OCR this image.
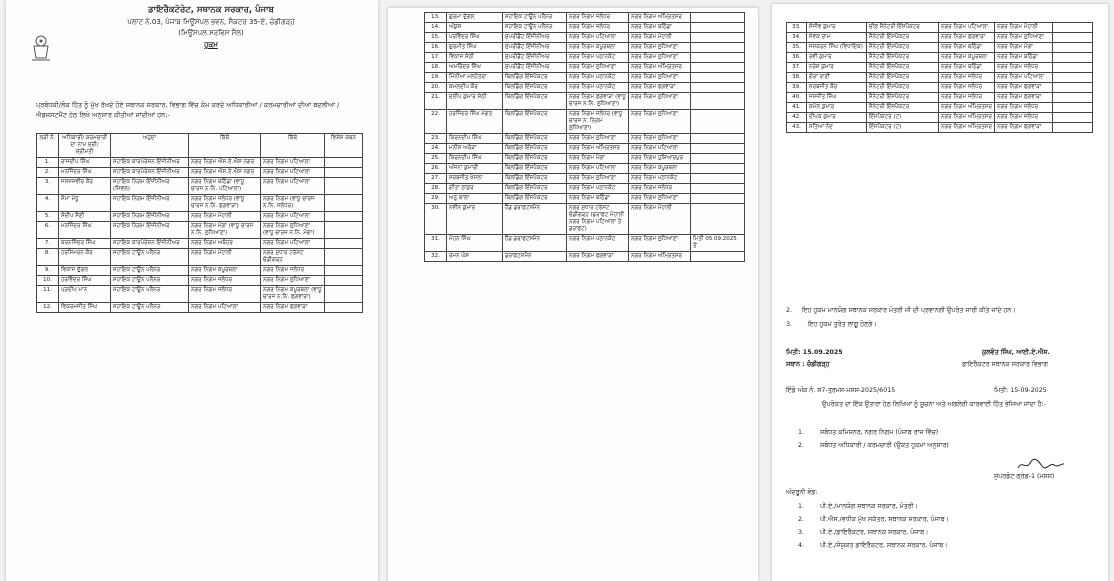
ਡਾਇਰੈਕਟੋਰੇਟ, ਸਥਾਨਕ ਸਰਕਾਰ, ਪੰਜਾਬ
ਪਲਾਟ ਨੰ.03, ਪੰਜਾਬ ਮਿਊਂਸਪਲ ਭਵਨ, ਸੈਕਟਰ 35-ਏ, ਚੰਡੀਗੜ੍ਹ
(ਮਿਊਂਸਪਲ ਸਰਵਿਸ ਸੈਲ)
ਹੁਕਮ
ਪ੍ਰਬੰਧਕੀ/ਲੋਕ ਹਿੱਤ ਨੂੰ ਮੁੱਖ ਰੱਖਦੇ ਹੋਏ ਸਥਾਨਕ ਸਰਕਾਰ, ਵਿਭਾਗ ਵਿੱਚ ਕੰਮ ਕਰਦੇ ਅਧਿਕਾਰੀਆਂ / ਕਰਮਚਾਰੀਆਂ ਦੀਆਂ ਬਦਲੀਆਂ / ਐਡਜਸਟਮੈਂਟ ਹੇਠ ਲਿਖੇ ਅਨੁਸਾਰ ਕੀਤੀਆਂ ਜਾਂਦੀਆਂ ਹਨ:-
ਲੜੀ ਨੰ.	ਅਧਿਕਾਰੀ/ ਕਰਮਚਾਰੀ ਦਾ ਨਾਮ ਸ਼੍ਰੀ/ ਸ਼੍ਰੀਮਤੀ	ਅਹੁਦਾ	ਕਿੱਥੋਂ	ਕਿੱਥੇ	ਵਿਸ਼ੇਸ਼ ਕਥਨ
1.	ਰਾਜਦੀਪ ਸਿੰਘ	ਸਹਾਇਕ ਕਾਰਪੋਰੇਸ਼ਨ ਇੰਜੀਨੀਅਰ	ਨਗਰ ਨਿਗਮ ਐਸ.ਏ.ਐਸ ਨਗਰ	ਨਗਰ ਨਿਗਮ ਪਟਿਆਲਾ	
2.	ਮਨਜਿੰਦਰ ਸਿੰਘ	ਸਹਾਇਕ ਕਾਰਪੋਰੇਸ਼ਨ ਇੰਜੀਨੀਅਰ	ਨਗਰ ਨਿਗਮ ਐਸ.ਏ.ਐਸ ਨਗਰ	ਨਗਰ ਨਿਗਮ ਪਟਿਆਲਾ	
3.	ਜਸਜਸਵੀਰ ਕੌਰ	ਸਹਾਇਕ ਨਿਗਮ ਇੰਜੀਨੀਅਰ (ਸਿਵਲ)	ਨਗਰ ਨਿਗਮ ਬਠਿੰਡਾ (ਵਾਧੂ ਚਾਰਜ ਨ.ਨਿ. ਪਟਿਆਲਾ)	ਨਗਰ ਨਿਗਮ ਪਟਿਆਲਾ	
4.	ਸੋਮਾ ਮੰਧੂ	ਸਹਾਇਕ ਨਿਗਮ ਇੰਜੀਨੀਅਰ	ਨਗਰ ਨਿਗਮ ਜਲੰਧਰ (ਵਾਧੂ ਚਾਰਜ ਨ.ਨਿ. ਫਗਵਾੜਾ)	ਨਗਰ ਨਿਗਮ (ਵਾਧੂ ਚਾਰਜ ਨ.ਨਿ. ਜਲੰਧਰ)	
5.	ਸੰਦੀਪ ਸੈਣੀ	ਸਹਾਇਕ ਨਿਗਮ ਇੰਜੀਨੀਅਰ	ਨਗਰ ਨਿਗਮ ਮੋਹਾਲੀ	ਨਗਰ ਨਿਗਮ ਪਟਿਆਲਾ	
6.	ਮਨਜਿੰਦਰ ਸਿੰਘ	ਸਹਾਇਕ ਨਿਗਮ ਇੰਜੀਨੀਅਰ	ਨਗਰ ਨਿਗਮ ਮੋਗਾ (ਵਾਧੂ ਚਾਰਜ ਨ.ਨਿ. ਲੁਧਿਆਣਾ)	ਨਗਰ ਨਿਗਮ ਲੁਧਿਆਣਾ (ਵਾਧੂ ਚਾਰਜ ਨ.ਨਿ. ਮੋਗਾ)	
7.	ਕਰਨਜਿੰਦਰ ਸਿੰਘ	ਸਹਾਇਕ ਕਾਰਪੋਰੇਸ਼ਨ ਇੰਜੀਨੀਅਰ	ਨਗਰ ਨਿਗਮ ਅਬੋਹਰ	ਨਗਰ ਨਿਗਮ ਪਟਿਆਲਾ	
8.	ਹਰਸਿਮਰਨ ਕੌਰ	ਸਹਾਇਕ ਟਾਊਨ ਪਲੈਨਰ	ਨਗਰ ਨਿਗਮ ਮੋਹਾਲੀ	ਨਗਰ ਸੁਧਾਰ ਟਰੱਸਟ ਚੰਡੀਗੜ੍ਹ	
9.	ਵਿਕਾਸ ਦੁੱਗਲ	ਸਹਾਇਕ ਟਾਊਨ ਪਲੈਨਰ	ਨਗਰ ਨਿਗਮ ਕਪੂਰਥਲਾ	ਨਗਰ ਨਿਗਮ ਜਲੰਧਰ	
10.	ਹਰਵਿੰਦਰ ਸਿੰਘ	ਸਹਾਇਕ ਟਾਊਨ ਪਲੈਨਰ	ਨਗਰ ਨਿਗਮ ਜਲੰਧਰ	ਨਗਰ ਨਿਗਮ ਲੁਧਿਆਣਾ	
11.	ਪ੍ਰਦੀਪ ਮਾਨ	ਸਹਾਇਕ ਟਾਊਨ ਪਲੈਨਰ	ਨਗਰ ਨਿਗਮ ਜਲੰਧਰ	ਨਗਰ ਨਿਗਮ ਕਪੂਰਥਲਾ (ਵਾਧੂ ਚਾਰਜ ਨ.ਨਿ. ਫਗਵਾੜਾ)	
12.	ਵਿਕਰਮਜੀਤ ਸਿੰਘ	ਸਹਾਇਕ ਟਾਊਨ ਪਲੈਨਰ	ਨਗਰ ਨਿਗਮ ਪਟਿਆਲਾ	ਨਗਰ ਨਿਗਮ ਫਗਵਾੜਾ	
13.	ਗੁਰਮਾ ਦੁੱਗਲ	ਸਹਾਇਕ ਟਾਊਨ ਪਲੈਨਰ	ਨਗਰ ਨਿਗਮ ਜਲੰਧਰ	ਨਗਰ ਨਿਗਮ ਅੰਮ੍ਰਿਤਸਰ	
14.	ਅੰਕੁਸ਼	ਸਹਾਇਕ ਟਾਊਨ ਪਲੈਨਰ	ਨਗਰ ਨਿਗਮ ਜਲੰਧਰ	ਨਗਰ ਨਿਗਮ ਬਠਿੰਡਾ	
15.	ਪਰਵਿੰਦਰ ਸਿੰਘ	ਸੁਪਰੀਡੈਂਟ ਇੰਜੀਨੀਅਰ	ਨਗਰ ਨਿਗਮ ਪਟਿਆਲਾ	ਨਗਰ ਨਿਗਮ ਮੋਹਾਲੀ	
16.	ਗੁਰਮੀਤ ਸਿੰਘ	ਸੁਪਰੀਡੈਂਟ ਇੰਜੀਨੀਅਰ	ਨਗਰ ਨਿਗਮ ਕਪੂਰਥਲਾ	ਨਗਰ ਨਿਗਮ ਲੁਧਿਆਣਾ	
17.	ਵਿਕਾਸ ਸੇਠੀ	ਸੁਪਰੀਡੈਂਟ ਇੰਜੀਨੀਅਰ	ਨਗਰ ਨਿਗਮ ਪਠਾਨਕੋਟ	ਨਗਰ ਨਿਗਮ ਲੁਧਿਆਣਾ	
18.	ਅਮਰਿੰਦਰ ਸਿੰਘ	ਸੁਪਰੀਡੈਂਟ ਇੰਜੀਨੀਅਰ	ਨਗਰ ਨਿਗਮ ਲੁਧਿਆਣਾ	ਨਗਰ ਨਿਗਮ ਅੰਮ੍ਰਿਤਸਰ	
19.	ਮਿੰਨੀਆ ਮਲਹੋਤਰਾ	ਬਿਲਡਿੰਗ ਇੰਸਪੈਕਟਰ	ਨਗਰ ਨਿਗਮ ਪਠਾਨਕੋਟ	ਨਗਰ ਨਿਗਮ ਲੁਧਿਆਣਾ	
20.	ਕਮਲਦੀਪ ਕੌਰ	ਬਿਲਡਿੰਗ ਇੰਸਪੈਕਟਰ	ਨਗਰ ਨਿਗਮ ਪਠਾਨਕੋਟ	ਨਗਰ ਨਿਗਮ ਫਗਵਾੜਾ	
21.	ਦਲੀਪ ਕੁਮਾਰ ਸੇਠੀ	ਬਿਲਡਿੰਗ ਇੰਸਪੈਕਟਰ	ਨਗਰ ਨਿਗਮ ਫਗਵਾੜਾ (ਵਾਧੂ ਚਾਰਜ ਨ.ਨਿ. ਲੁਧਿਆਣਾ)	ਨਗਰ ਨਿਗਮ ਲੁਧਿਆਣਾ	
22.	ਹਰਜਿੰਦਰ ਸਿੰਘ ਮੰਗਤ	ਬਿਲਡਿੰਗ ਇੰਸਪੈਕਟਰ	ਨਗਰ ਨਿਗਮ ਜਲੰਧਰ (ਵਾਧੂ ਚਾਰਜ ਨ. ਨਿਗਮ ਲੁਧਿਆਣਾ)	ਨਗਰ ਨਿਗਮ ਲੁਧਿਆਣਾ	
23.	ਕਿਰਨਦੀਪ ਸਿੰਘ	ਬਿਲਡਿੰਗ ਇੰਸਪੈਕਟਰ	ਨਗਰ ਨਿਗਮ ਲੁਧਿਆਣਾ	ਨਗਰ ਨਿਗਮ ਲੁਧਿਆਣਾ	
24.	ਮਨੀਸ਼ ਅਰੋੜਾ	ਬਿਲਡਿੰਗ ਇੰਸਪੈਕਟਰ	ਨਗਰ ਨਿਗਮ ਅੰਮ੍ਰਿਤਸਰ	ਨਗਰ ਨਿਗਮ ਪਟਿਆਲਾ	
25.	ਕਿਰਨਦੀਪ ਸਿੰਘ	ਬਿਲਡਿੰਗ ਇੰਸਪੈਕਟਰ	ਨਗਰ ਨਿਗਮ ਮੋਗਾ	ਨਗਰ ਨਿਗਮ ਹੁਸ਼ਿਆਰਪੁਰ	
26.	ਅੰਜਨਾ ਕੁਮਾਰੀ	ਬਿਲਡਿੰਗ ਇੰਸਪੈਕਟਰ	ਨਗਰ ਨਿਗਮ ਪਟਿਆਲਾ	ਨਗਰ ਨਿਗਮ ਕਪੂਰਥਲਾ	
27.	ਸਰਬਜੀਤ ਖੋਸਲਾ	ਬਿਲਡਿੰਗ ਇੰਸਪੈਕਟਰ	ਨਗਰ ਨਿਗਮ ਲੁਧਿਆਣਾ	ਨਗਰ ਨਿਗਮ ਪਠਾਨਕੋਟ	
28.	ਗੀਤਾ ਠਾਕੁਰ	ਬਿਲਡਿੰਗ ਇੰਸਪੈਕਟਰ	ਨਗਰ ਨਿਗਮ ਪਠਾਨਕੋਟ	ਨਗਰ ਨਿਗਮ ਜਲੰਧਰ	
29.	ਅਨੂ ਬਾਲਾ	ਬਿਲਡਿੰਗ ਇੰਸਪੈਕਟਰ	ਨਗਰ ਨਿਗਮ ਬਠਿੰਡਾ	ਨਗਰ ਨਿਗਮ ਲੁਧਿਆਣਾ	
30.	ਨਵੀਨ ਕੁਮਾਰ	ਹੈੱਡ ਡਰਾਫਟਸਮੈਨ	ਨਗਰ ਸੁਧਾਰ ਟਰੱਸਟ ਚੰਡੀਗੜ੍ਹ (ਡਰਾਫਟ ਮੋਹਾਲੀ ਨਗਰ ਨਿਗਮ ਪਟਿਆਲਾ ਤੇ ਡਰਾਫਟ)	ਨਗਰ ਨਿਗਮ ਮੋਹਾਲੀ	
31.	ਮੋਹਨ ਸਿੰਘ	ਹੈੱਡ ਡਰਾਫਟਸਮੈਨ	ਨਗਰ ਨਿਗਮ ਪਠਾਨਕੋਟ	ਨਗਰ ਨਿਗਮ ਲੁਧਿਆਣਾ	ਮਿਤੀ 05.09.2025 ਤੋਂ
32.	ਰਮਨ ਘੋਸ਼	ਡਰਾਫਟਸਮੈਨ	ਨਗਰ ਨਿਗਮ ਫਗਵਾੜਾ	ਨਗਰ ਨਿਗਮ ਅੰਮ੍ਰਿਤਸਰ	
33.	ਸੰਜੀਵ ਕੁਮਾਰ	ਚੀਫ਼ ਸੈਨੇਟਰੀ ਇੰਸਪੈਕਟਰ	ਨਗਰ ਨਿਗਮ ਪਟਿਆਲਾ	ਨਗਰ ਨਿਗਮ ਮੋਹਾਲੀ	
34.	ਸੇਵਕ ਰਾਮ	ਸੈਨੇਟਰੀ ਇੰਸਪੈਕਟਰ	ਨਗਰ ਨਿਗਮ ਫਗਵਾੜਾ	ਨਗਰ ਨਿਗਮ ਲੁਧਿਆਣਾ	
35.	ਜਸਕਰਨ ਸਿੰਘ (ਵਿਧਾਇਕ)	ਸੈਨੇਟਰੀ ਇੰਸਪੈਕਟਰ	ਨਗਰ ਨਿਗਮ ਬਠਿੰਡਾ	ਨਗਰ ਨਿਗਮ ਮੋਗਾ	
36.	ਰਵੀ ਕੁਮਾਰ	ਸੈਨੇਟਰੀ ਇੰਸਪੈਕਟਰ	ਨਗਰ ਨਿਗਮ ਕਪੂਰਥਲਾ	ਨਗਰ ਨਿਗਮ ਬਠਿੰਡਾ	
37.	ਨਰੇਸ਼ ਕੁਮਾਰ	ਸੈਨੇਟਰੀ ਇੰਸਪੈਕਟਰ	ਨਗਰ ਨਿਗਮ ਬਠਿੰਡਾ	ਨਗਰ ਨਿਗਮ ਜਲੰਧਰ	
38.	ਗੋਰਾ ਰਾਣੀ	ਸੈਨੇਟਰੀ ਇੰਸਪੈਕਟਰ	ਨਗਰ ਨਿਗਮ ਜਲੰਧਰ	ਨਗਰ ਨਿਗਮ ਪਟਿਆਲਾ	
39.	ਸਰਬਜੀਤ ਕੌਰ	ਸੈਨੇਟਰੀ ਇੰਸਪੈਕਟਰ	ਨਗਰ ਨਿਗਮ ਜਲੰਧਰ	ਨਗਰ ਨਿਗਮ ਫਗਵਾੜਾ	
40.	ਜਸਜੀਤ ਸਿੰਘ	ਸੈਨੇਟਰੀ ਇੰਸਪੈਕਟਰ	ਨਗਰ ਨਿਗਮ ਜਲੰਧਰ	ਨਗਰ ਨਿਗਮ ਫਗਵਾੜਾ	
41.	ਕਮੋਲ ਕੁਮਾਰ	ਸੈਨੇਟਰੀ ਇੰਸਪੈਕਟਰ	ਨਗਰ ਨਿਗਮ ਅੰਮ੍ਰਿਤਸਰ	ਨਗਰ ਨਿਗਮ ਜਲੰਧਰ	
42.	ਦੀਪਕ ਕੁਮਾਰ	ਇੰਸਪੈਕਟਰ (ਟ)	ਨਗਰ ਨਿਗਮ ਅੰਮ੍ਰਿਤਸਰ	ਨਗਰ ਨਿਗਮ ਜਲੰਧਰ	
43.	ਸਤਿਆ ਨੰਦ	ਇੰਸਪੈਕਟਰ (ਟ)	ਨਗਰ ਨਿਗਮ ਅੰਮ੍ਰਿਤਸਰ	ਨਗਰ ਨਿਗਮ ਫਗਵਾੜਾ	
2.     ਇਹ ਹੁਕਮ ਮਾਨਯੋਗ ਸਥਾਨਕ ਸਰਕਾਰ ਮੰਤਰੀ ਜੀ ਦੀ ਪ੍ਰਵਾਨਗੀ ਉਪਰੰਤ ਜਾਰੀ ਕੀਤੇ ਜਾਂਦੇ ਹਨ।
3.        ਇਹ ਹੁਕਮ ਤੁਰੰਤ ਲਾਗੂ ਹੋਣਗੇ।
ਮਿਤੀ: 15.09.2025
ਸਥਾਨ : ਚੰਡੀਗੜ੍ਹ
ਕੁਲਵੰਤ ਸਿੰਘ, ਆਈ.ਏ.ਐਸ.
ਡਾਇਰੈਕਟਰ ਸਥਾਨਕ ਸਰਕਾਰ ਵਿਭਾਗ
ਇੰਡੋ ਅੰਕ ਨੰ. ਸ7-ਤ੍ਰਮਸ-ਮਸਸ-2025/6015	ਮਿਤੀ: 15-09-2025
ਉਪਰੋਕਤ ਦਾ ਇੱਕ ਉਤਾਰਾ ਹੇਠ ਲਿਖਿਆਂ ਨੂੰ ਸੂਚਨਾ ਅਤੇ ਅਗਲੇਰੀ ਕਾਰਵਾਈ ਹਿੱਤ ਭੇਜਿਆ ਜਾਂਦਾ ਹੈ:-
1.	ਸਬੰਧਤ ਕਮਿਸ਼ਨਰ, ਨਗਰ ਨਿਗਮ (ਪੰਜਾਬ ਰਾਜ ਵਿੱਚ)
2.	ਸਬੰਧਤ ਅਧਿਕਾਰੀ / ਕਰਮਚਾਰੀ (ਉਕਤ ਹੁਕਮਾਂ ਅਨੁਸਾਰ)
ਸੁਪਰਡੰਟ ਗ੍ਰੇਡ-1 (ਮਸਸ)
ਅੰਦਰੂਨੀ ਵੰਡ:
1.	ਪੀ.ਏ./ਮਾਨਯੋਗ ਸਥਾਨਕ ਸਰਕਾਰ, ਮੰਤਰੀ।
2.	ਪੀ.ਐਸ./ਵਧੀਕ ਮੁੱਖ ਸਕੱਤਰ, ਸਥਾਨਕ ਸਰਕਾਰ, ਪੰਜਾਬ।
3.	ਪੀ.ਏ./ਡਾਇਰੈਕਟਰ, ਸਥਾਨਕ ਸਰਕਾਰ, ਪੰਜਾਬ।
4.	ਪੀ.ਏ./ਸੰਯੁਕਤ ਡਾਇਰੈਕਟਰ, ਸਥਾਨਕ ਸਰਕਾਰ, ਪੰਜਾਬ।
